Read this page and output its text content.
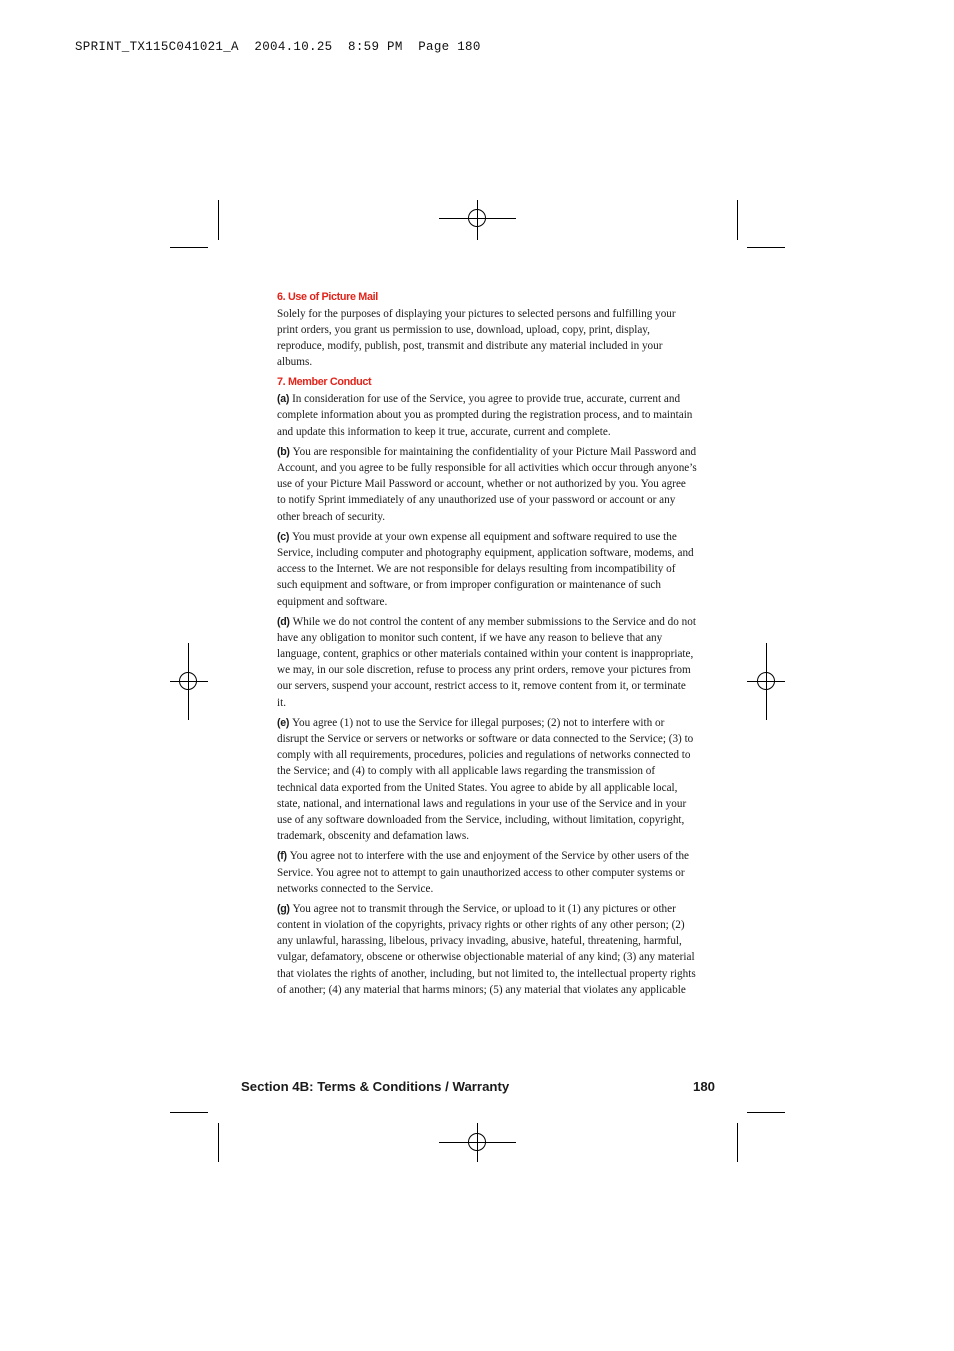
SPRINT_TX115C041021_A  2004.10.25  8:59 PM  Page 180
6. Use of Picture Mail

Solely for the purposes of displaying your pictures to selected persons and fulfilling your print orders, you grant us permission to use, download, upload, copy, print, display, reproduce, modify, publish, post, transmit and distribute any material included in your albums.

7. Member Conduct

(a) In consideration for use of the Service, you agree to provide true, accurate, current and complete information about you as prompted during the registration process, and to maintain and update this information to keep it true, accurate, current and complete.

(b) You are responsible for maintaining the confidentiality of your Picture Mail Password and Account, and you agree to be fully responsible for all activities which occur through anyone’s use of your Picture Mail Password or account, whether or not authorized by you. You agree to notify Sprint immediately of any unauthorized use of your password or account or any other breach of security.

(c) You must provide at your own expense all equipment and software required to use the Service, including computer and photography equipment, application software, modems, and access to the Internet. We are not responsible for delays resulting from incompatibility of such equipment and software, or from improper configuration or maintenance of such equipment and software.

(d) While we do not control the content of any member submissions to the Service and do not have any obligation to monitor such content, if we have any reason to believe that any language, content, graphics or other materials contained within your content is inappropriate, we may, in our sole discretion, refuse to process any print orders, remove your pictures from our servers, suspend your account, restrict access to it, remove content from it, or terminate it.

(e) You agree (1) not to use the Service for illegal purposes; (2) not to interfere with or disrupt the Service or servers or networks or software or data connected to the Service; (3) to comply with all requirements, procedures, policies and regulations of networks connected to the Service; and (4) to comply with all applicable laws regarding the transmission of technical data exported from the United States. You agree to abide by all applicable local, state, national, and international laws and regulations in your use of the Service and in your use of any software downloaded from the Service, including, without limitation, copyright, trademark, obscenity and defamation laws.

(f) You agree not to interfere with the use and enjoyment of the Service by other users of the Service. You agree not to attempt to gain unauthorized access to other computer systems or networks connected to the Service.

(g) You agree not to transmit through the Service, or upload to it (1) any pictures or other content in violation of the copyrights, privacy rights or other rights of any other person; (2) any unlawful, harassing, libelous, privacy invading, abusive, hateful, threatening, harmful, vulgar, defamatory, obscene or otherwise objectionable material of any kind; (3) any material that violates the rights of another, including, but not limited to, the intellectual property rights of another; (4) any material that harms minors; (5) any material that violates any applicable

Section 4B: Terms & Conditions / Warranty	180
